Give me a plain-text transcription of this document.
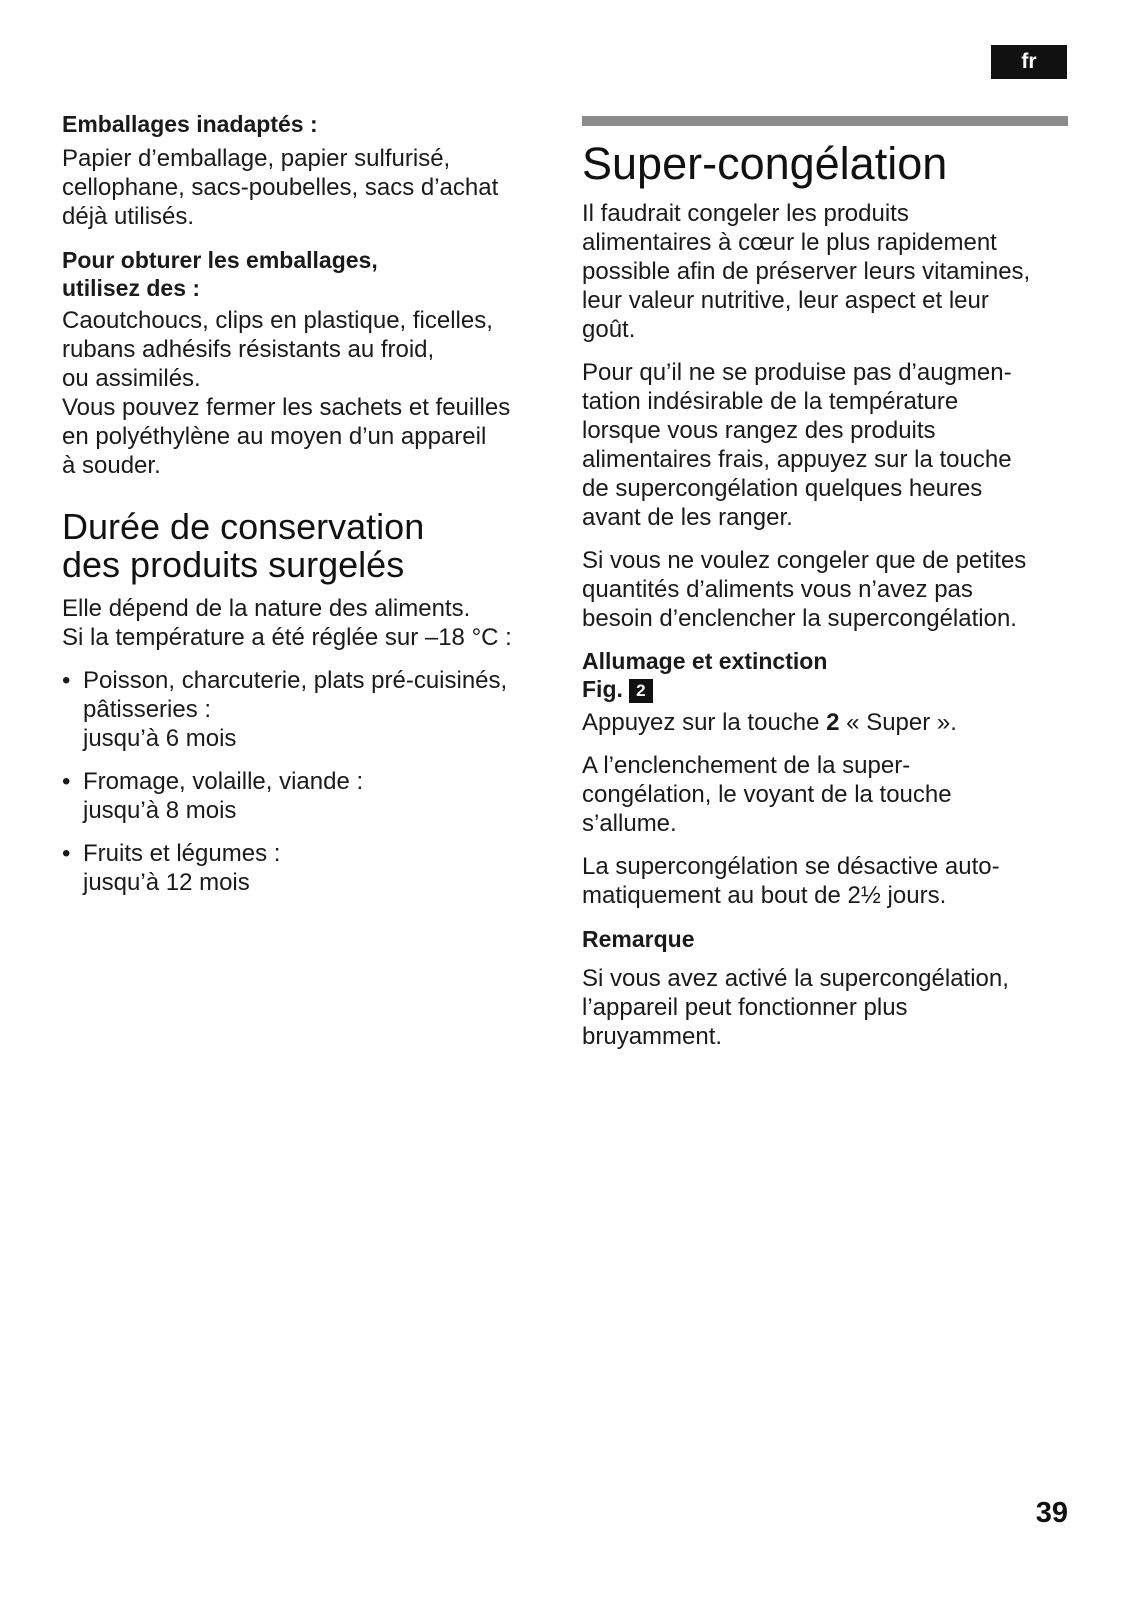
fr

Emballages inadaptés :

Papier d’emballage, papier sulfurisé,
cellophane, sacs-poubelles, sacs d’achat
déjà utilisés.

Pour obturer les emballages,
utilisez des :

Caoutchoucs, clips en plastique, ficelles,
rubans adhésifs résistants au froid,
ou assimilés.
Vous pouvez fermer les sachets et feuilles
en polyéthylène au moyen d’un appareil
à souder.

Durée de conservation
des produits surgelés

Elle dépend de la nature des aliments.
Si la température a été réglée sur –18 °C :

• Poisson, charcuterie, plats pré-cuisinés,
pâtisseries :
jusqu’à 6 mois
• Fromage, volaille, viande :
jusqu’à 8 mois
• Fruits et légumes :
jusqu’à 12 mois
Super-congélation

Il faudrait congeler les produits
alimentaires à cœur le plus rapidement
possible afin de préserver leurs vitamines,
leur valeur nutritive, leur aspect et leur
goût.

Pour qu’il ne se produise pas d’augmen-
tation indésirable de la température
lorsque vous rangez des produits
alimentaires frais, appuyez sur la touche
de supercongélation quelques heures
avant de les ranger.

Si vous ne voulez congeler que de petites
quantités d’aliments vous n’avez pas
besoin d’enclencher la supercongélation.

Allumage et extinction
Fig. 2

Appuyez sur la touche 2 « Super ».

A l’enclenchement de la super-
congélation, le voyant de la touche
s’allume.

La supercongélation se désactive auto-
matiquement au bout de 2½ jours.

Remarque

Si vous avez activé la supercongélation,
l’appareil peut fonctionner plus
bruyamment.

39
